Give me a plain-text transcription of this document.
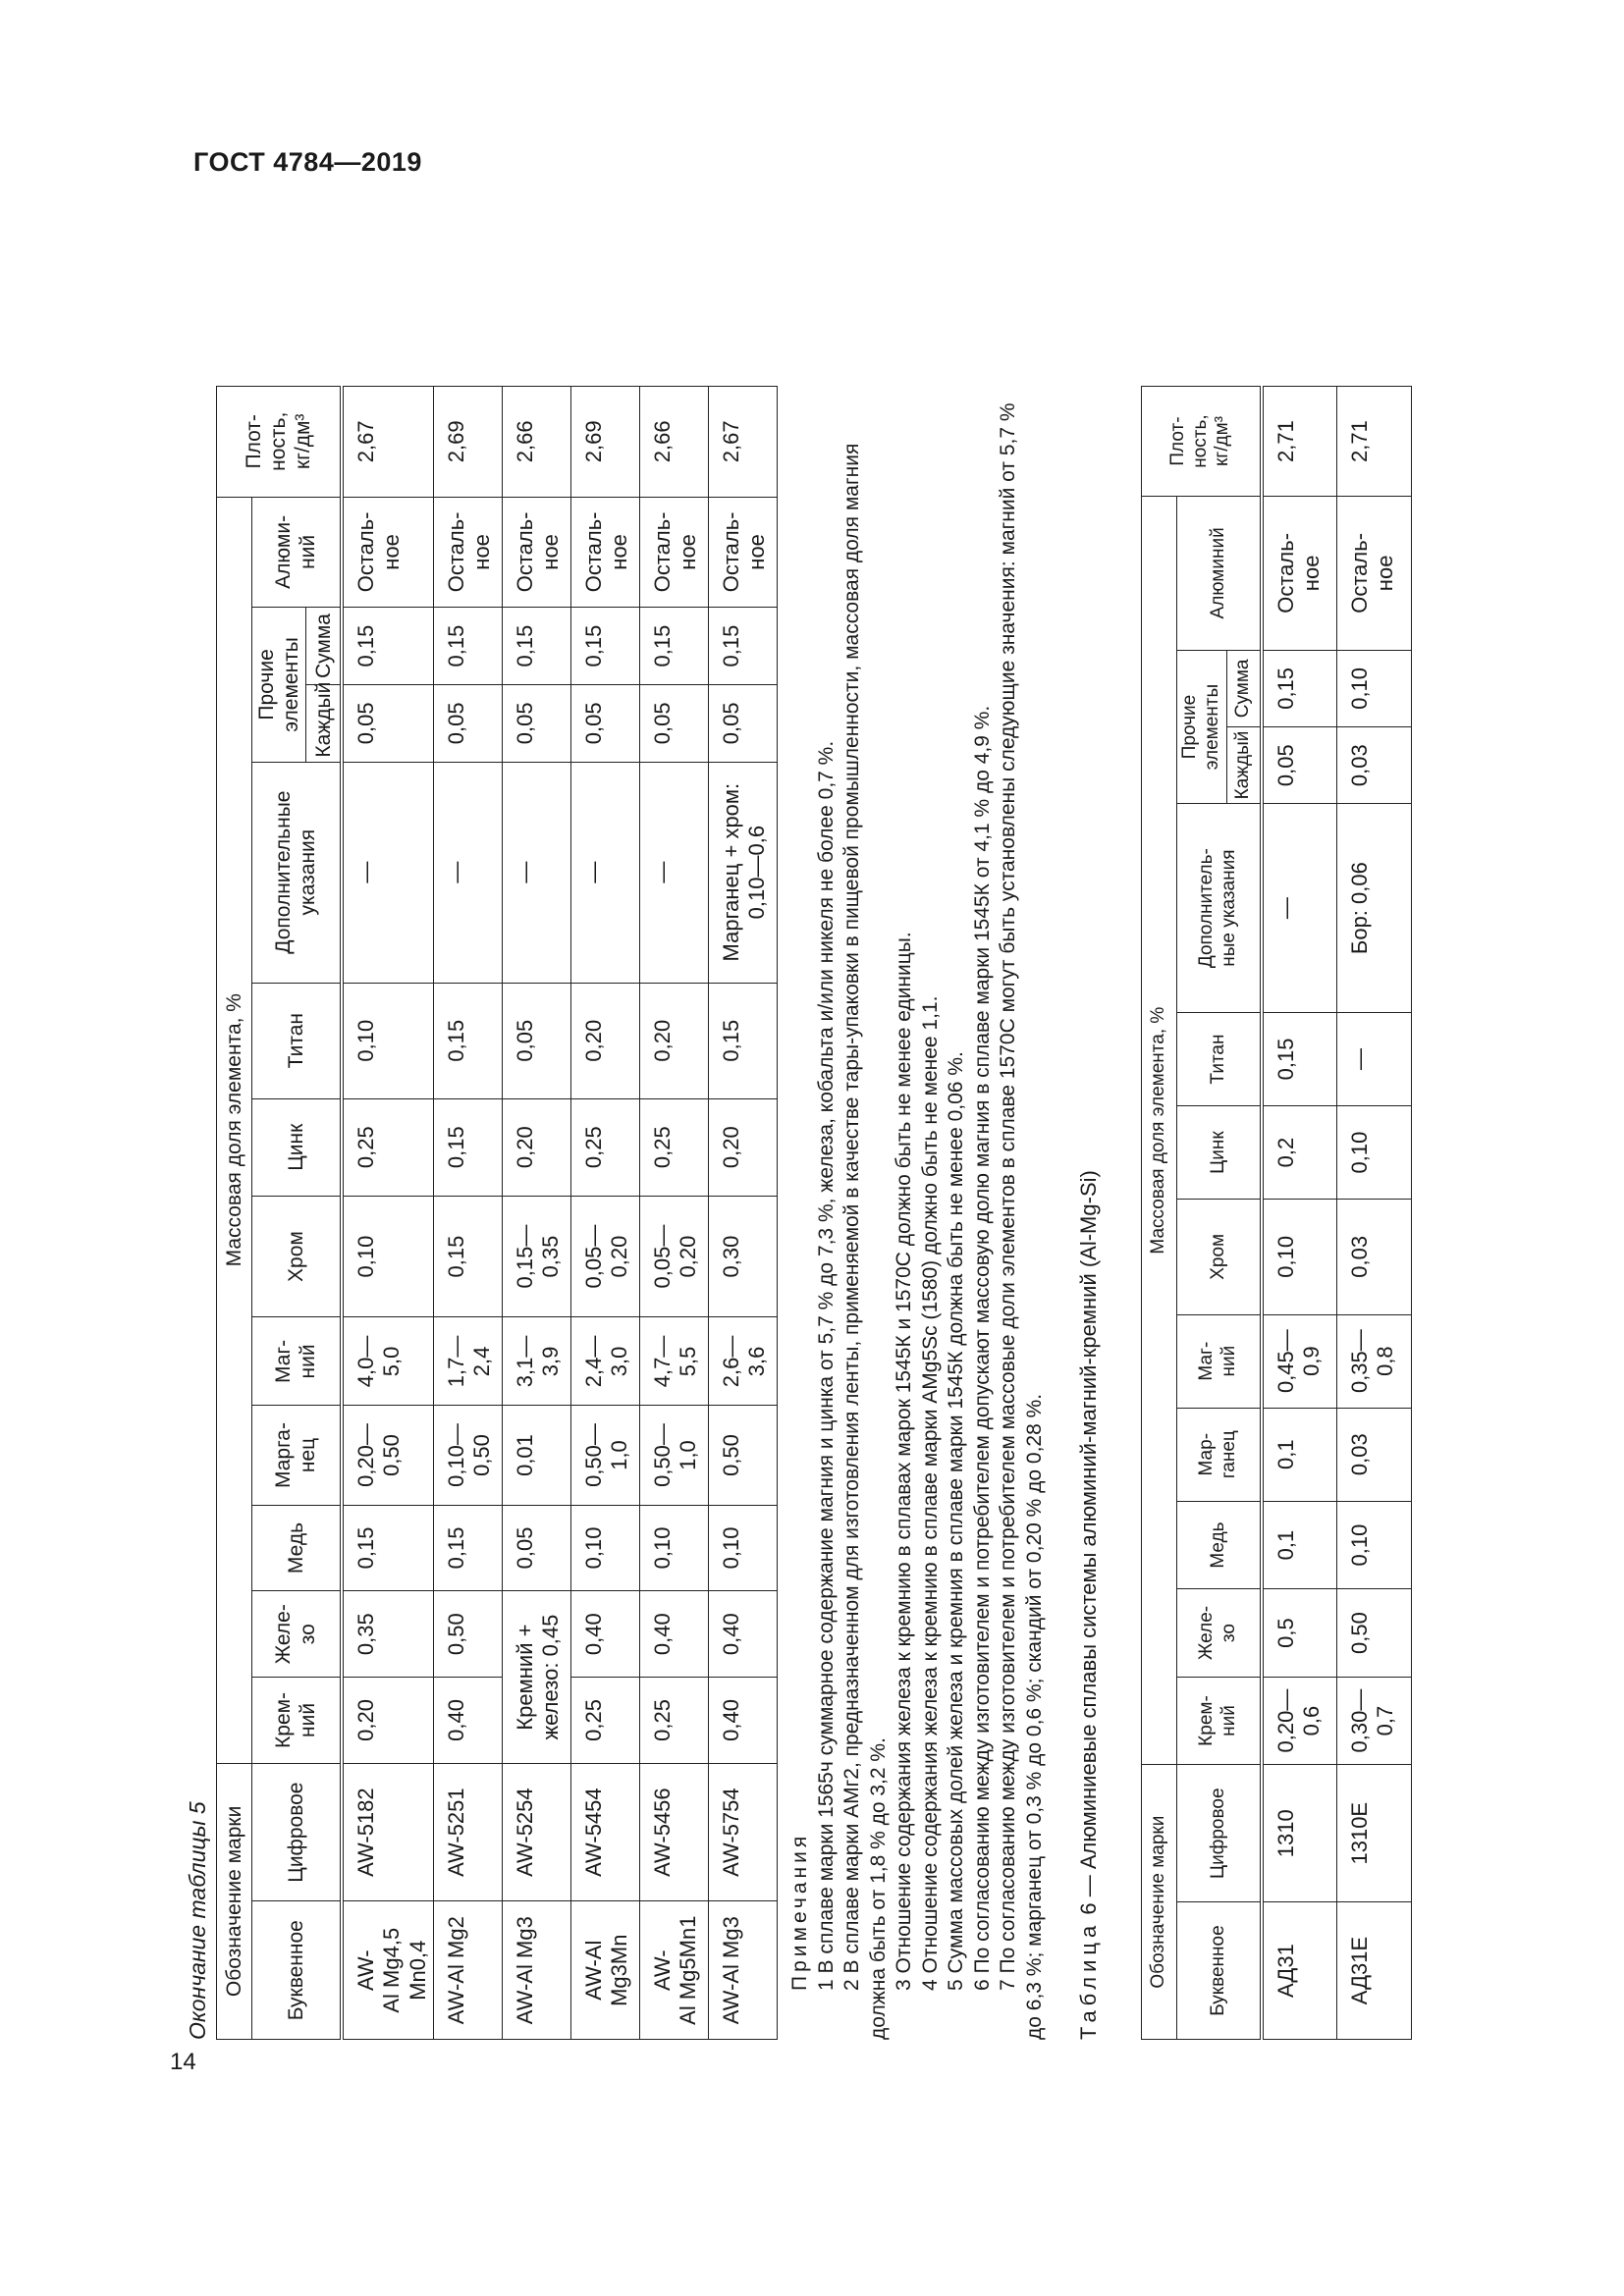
ГОСТ 4784—2019
14
Окончание таблицы 5 Обозначение марки		Массовая доля элемента, %												Плот-
ность,
кг/дм³
Буквенное	Цифровое	Крем-
ний	Желе-
зо	Медь	Марга-
нец	Маг-
ний	Хром	Цинк	Титан	Дополнительные
указания	Прочие элементы		Алюми-
ний	
											Каждый	Сумма		
AW-
Al Mg4,5
Mn0,4	AW-5182	0,20	0,35	0,15	0,20—
0,50	4,0—
5,0	0,10	0,25	0,10	—	0,05	0,15	Осталь-
ное	2,67
AW-Al Mg2	AW-5251	0,40	0,50	0,15	0,10—
0,50	1,7—
2,4	0,15	0,15	0,15	—	0,05	0,15	Осталь-
ное	2,69
AW-Al Mg3	AW-5254	Кремний +
железо: 0,45		0,05	0,01	3,1—
3,9	0,15—
0,35	0,20	0,05	—	0,05	0,15	Осталь-
ное	2,66
AW-Al
Mg3Mn	AW-5454	0,25	0,40	0,10	0,50—
1,0	2,4—
3,0	0,05—
0,20	0,25	0,20	—	0,05	0,15	Осталь-
ное	2,69
AW-
Al Mg5Mn1	AW-5456	0,25	0,40	0,10	0,50—
1,0	4,7—
5,5	0,05—
0,20	0,25	0,20	—	0,05	0,15	Осталь-
ное	2,66
AW-Al Mg3	AW-5754	0,40	0,40	0,10	0,50	2,6—
3,6	0,30	0,20	0,15	Марганец + хром:
0,10—0,6	0,05	0,15	Осталь-
ное	2,67

Примечания 1 В сплаве марки 1565ч суммарное содержание магния и цинка от 5,7 % до 7,3 %, железа, кобальта и/или никеля не более 0,7 %. 2 В сплаве марки АМг2, предназначенном для изготовления ленты, применяемой в качестве тары-упаковки в пищевой промышленности, массовая доля магния должна быть от 1,8 % до 3,2 %. 3 Отношение содержания железа к кремнию в сплавах марок 1545К и 1570С должно быть не менее единицы. 4 Отношение содержания железа к кремнию в сплаве марки AMg5Sc (1580) должно быть не менее 1,1. 5 Сумма массовых долей железа и кремния в сплаве марки 1545К должна быть не менее 0,06 %. 6 По согласованию между изготовителем и потребителем допускают массовую долю магния в сплаве марки 1545К от 4,1 % до 4,9 %. 7 По согласованию между изготовителем и потребителем массовые доли элементов в сплаве 1570С могут быть установлены следующие значения: магний от 5,7 % до 6,3 %; марганец от 0,3 % до 0,6 %; скандий от 0,20 % до 0,28 %.	Таблица 6 — Алюминиевые сплавы системы алюминий-магний-кремний (Al-Mg-Si)	Обозначение марки		Массовая доля элемента, %												Плот-
ность,
кг/дм³
Буквенное	Цифровое	Крем-
ний	Желе-
зо	Медь	Мар-
ганец	Маг-
ний	Хром	Цинк	Титан	Дополнитель-
ные указания	Прочие элементы		Алюминий	
											Каждый	Сумма		
АД31	1310	0,20—
0,6	0,5	0,1	0,1	0,45—
0,9	0,10	0,2	0,15	—	0,05	0,15	Осталь-
ное	2,71
АД31Е	1310Е	0,30—
0,7	0,50	0,10	0,03	0,35—
0,8	0,03	0,10	—	Бор: 0,06	0,03	0,10	Осталь-
ное	2,71
